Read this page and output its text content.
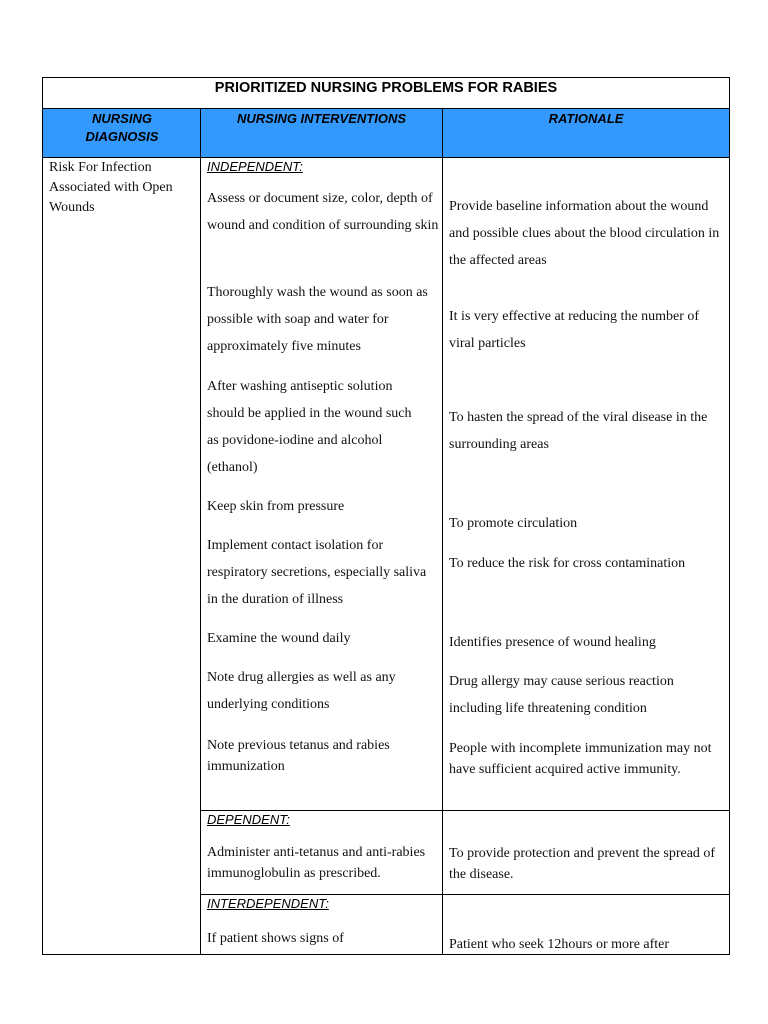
PRIORITIZED NURSING PROBLEMS FOR RABIES
NURSING DIAGNOSIS
NURSING INTERVENTIONS	RATIONALE
Risk For Infection Associated with Open Wounds
INDEPENDENT:
DEPENDENT:
INTERDEPENDENT:
Assess or document size, color, depth of wound and condition of surrounding skin
Thoroughly wash the wound as soon as possible with soap and water for approximately five minutes
After washing antiseptic solution should be applied in the wound such as povidone-iodine and alcohol (ethanol)
Keep skin from pressure
Implement contact isolation for respiratory secretions, especially saliva in the duration of illness
Examine the wound daily
Note drug allergies as well as any underlying conditions
Note previous tetanus and rabies immunization
Provide baseline information about the wound and possible clues about the blood circulation in the affected areas
It is very effective at reducing the number of viral particles
To hasten the spread of the viral disease in the surrounding areas
To promote circulation
To reduce the risk for cross contamination
Identifies presence of wound healing
Drug allergy may cause serious reaction including life threatening condition
People with incomplete immunization may not have sufficient acquired active immunity.
Administer anti-tetanus and anti-rabies immunoglobulin as prescribed.
To provide protection and prevent the spread of the disease.
If patient shows signs of	Patient who seek 12hours or more after
